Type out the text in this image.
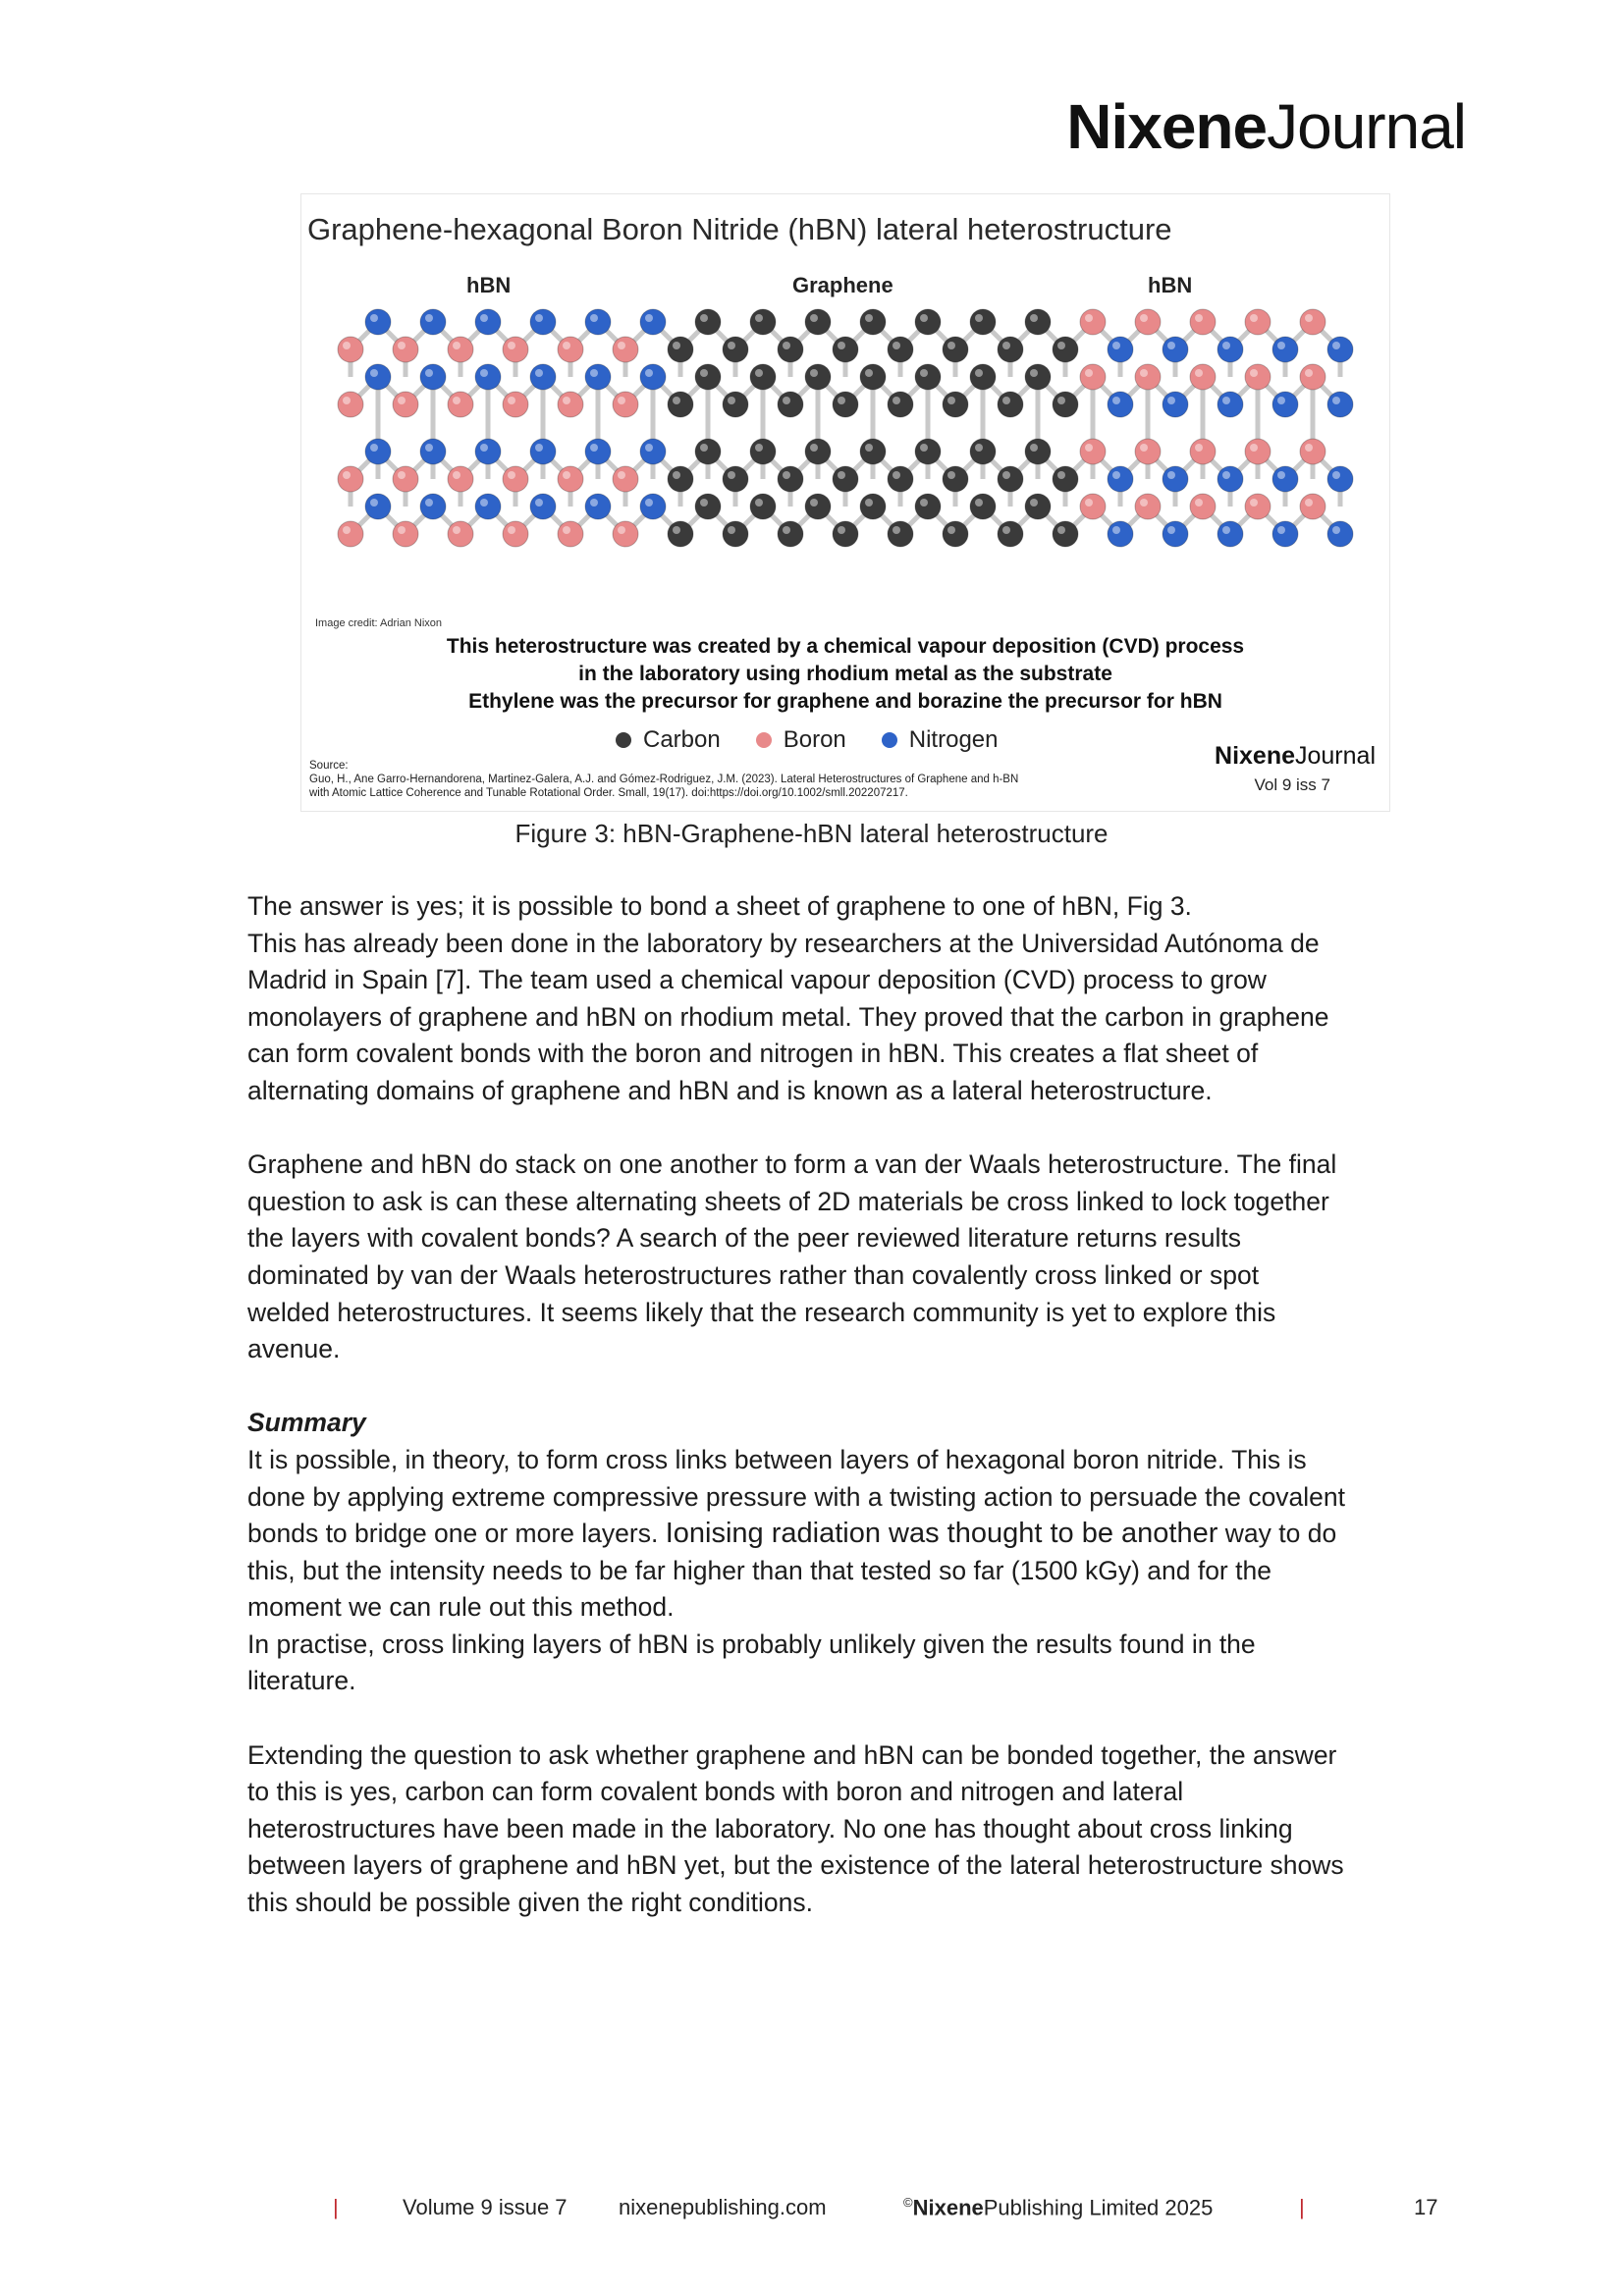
NixeneJournal
Graphene-hexagonal Boron Nitride (hBN) lateral heterostructure
hBN	Graphene	hBN
Image credit: Adrian Nixon
This heterostructure was created by a chemical vapour deposition (CVD) process
in the laboratory using rhodium metal as the substrate
Ethylene was the precursor for graphene and borazine the precursor for hBN
Carbon	Boron	Nitrogen
Source:
Guo, H., Ane Garro-Hernandorena, Martinez-Galera, A.J. and Gómez-Rodriguez, J.M. (2023). Lateral Heterostructures of Graphene and h-BN
with Atomic Lattice Coherence and Tunable Rotational Order. Small, 19(17). doi:https://doi.org/10.1002/smll.202207217.
NixeneJournal
Vol 9 iss 7
Figure 3: hBN-Graphene-hBN lateral heterostructure

The answer is yes; it is possible to bond a sheet of graphene to one of hBN, Fig 3.

This has already been done in the laboratory by researchers at the Universidad Autónoma de

Madrid in Spain [7]. The team used a chemical vapour deposition (CVD) process to grow

monolayers of graphene and hBN on rhodium metal. They proved that the carbon in graphene

can form covalent bonds with the boron and nitrogen in hBN. This creates a flat sheet of

alternating domains of graphene and hBN and is known as a lateral heterostructure.

Graphene and hBN do stack on one another to form a van der Waals heterostructure. The final

question to ask is can these alternating sheets of 2D materials be cross linked to lock together

the layers with covalent bonds? A search of the peer reviewed literature returns results

dominated by van der Waals heterostructures rather than covalently cross linked or spot

welded heterostructures. It seems likely that the research community is yet to explore this

avenue.

Summary

It is possible, in theory, to form cross links between layers of hexagonal boron nitride. This is

done by applying extreme compressive pressure with a twisting action to persuade the covalent

bonds to bridge one or more layers. Ionising radiation was thought to be another way to do

this, but the intensity needs to be far higher than that tested so far (1500 kGy) and for the

moment we can rule out this method.

In practise, cross linking layers of hBN is probably unlikely given the results found in the

literature.

Extending the question to ask whether graphene and hBN can be bonded together, the answer

to this is yes, carbon can form covalent bonds with boron and nitrogen and lateral

heterostructures have been made in the laboratory. No one has thought about cross linking

between layers of graphene and hBN yet, but the existence of the lateral heterostructure shows

this should be possible given the right conditions.

|	Volume 9 issue 7 nixenepublishing.com	©NixenePublishing Limited 2025	|	17
